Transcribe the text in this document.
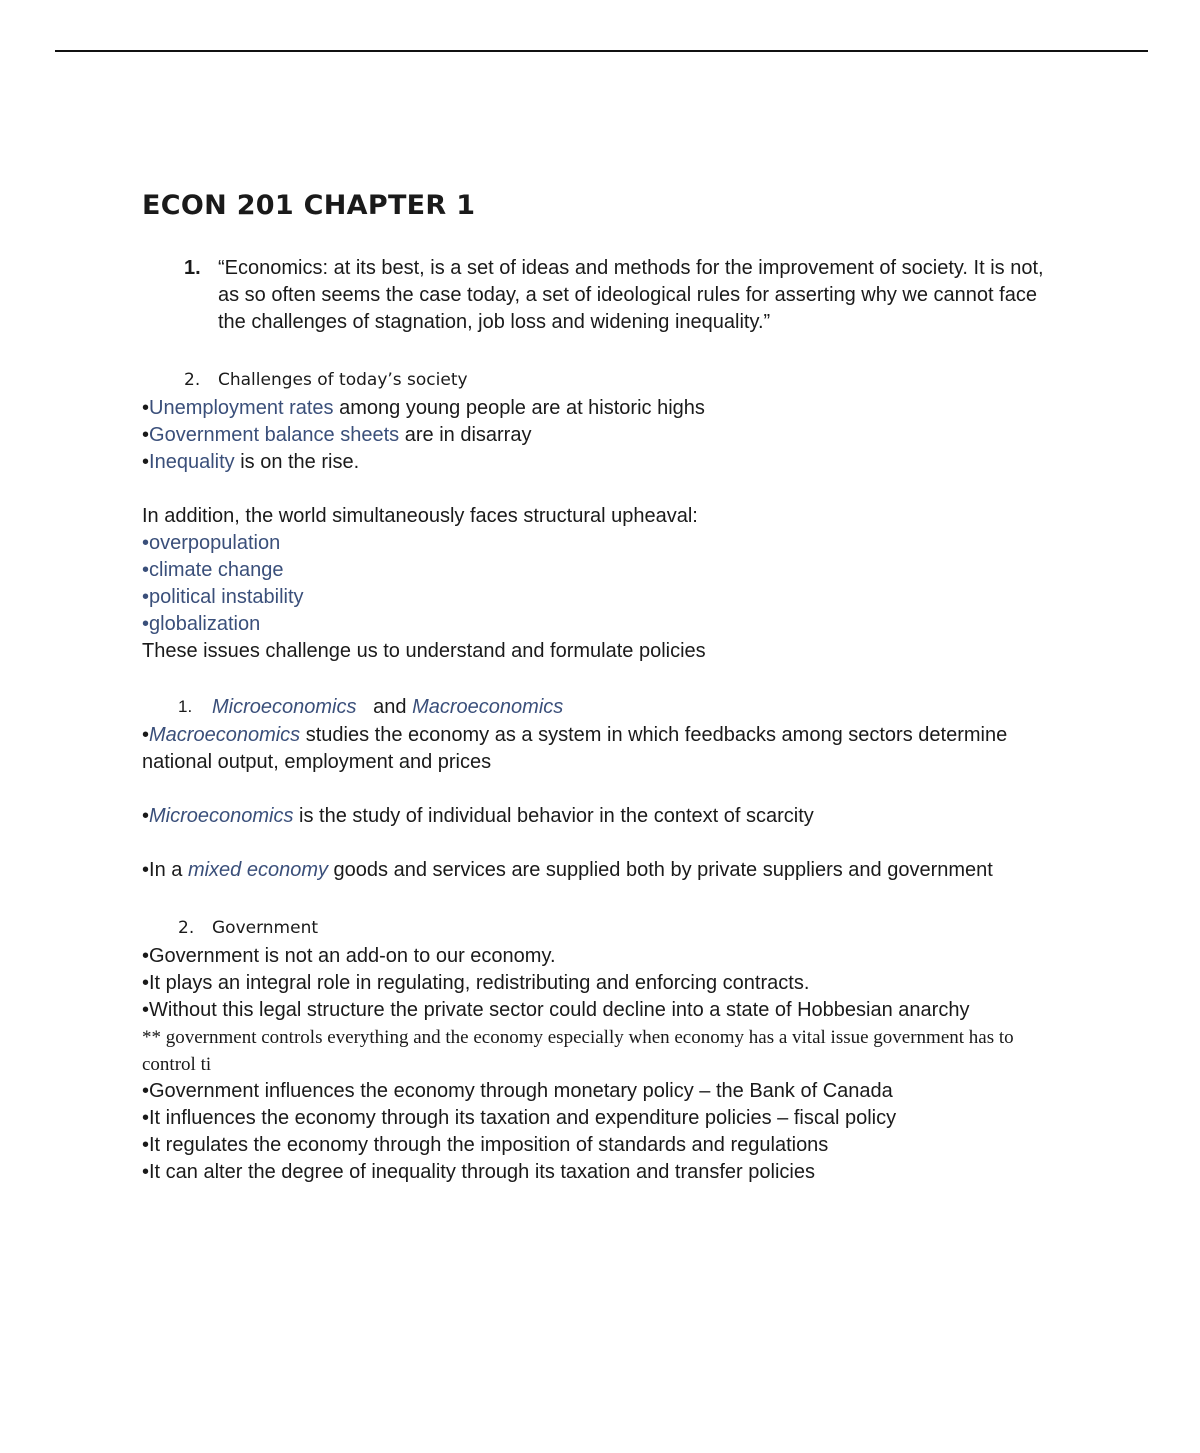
ECON 201 CHAPTER 1
1. “Economics: at its best, is a set of ideas and methods for the improvement of society. It is not, as so often seems the case today, a set of ideological rules for asserting why we cannot face the challenges of stagnation, job loss and widening inequality.”
2.	Challenges of today’s society
•Unemployment rates among young people are at historic highs
•Government balance sheets are in disarray
•Inequality is on the rise.
In addition, the world simultaneously faces structural upheaval:
•overpopulation
•climate change
•political instability
•globalization
These issues challenge us to understand and formulate policies
1. Microeconomics and Macroeconomics
•Macroeconomics studies the economy as a system in which feedbacks among sectors determine national output, employment and prices
•Microeconomics is the study of individual behavior in the context of scarcity
•In a mixed economy goods and services are supplied both by private suppliers and government
2.	Government
•Government is not an add-on to our economy.
•It plays an integral role in regulating, redistributing and enforcing contracts.
•Without this legal structure the private sector could decline into a state of Hobbesian anarchy
** government controls everything and the economy especially when economy has a vital issue government has to control ti
•Government influences the economy through monetary policy – the Bank of Canada
•It influences the economy through its taxation and expenditure policies – fiscal policy
•It regulates the economy through the imposition of standards and regulations
•It can alter the degree of inequality through its taxation and transfer policies
